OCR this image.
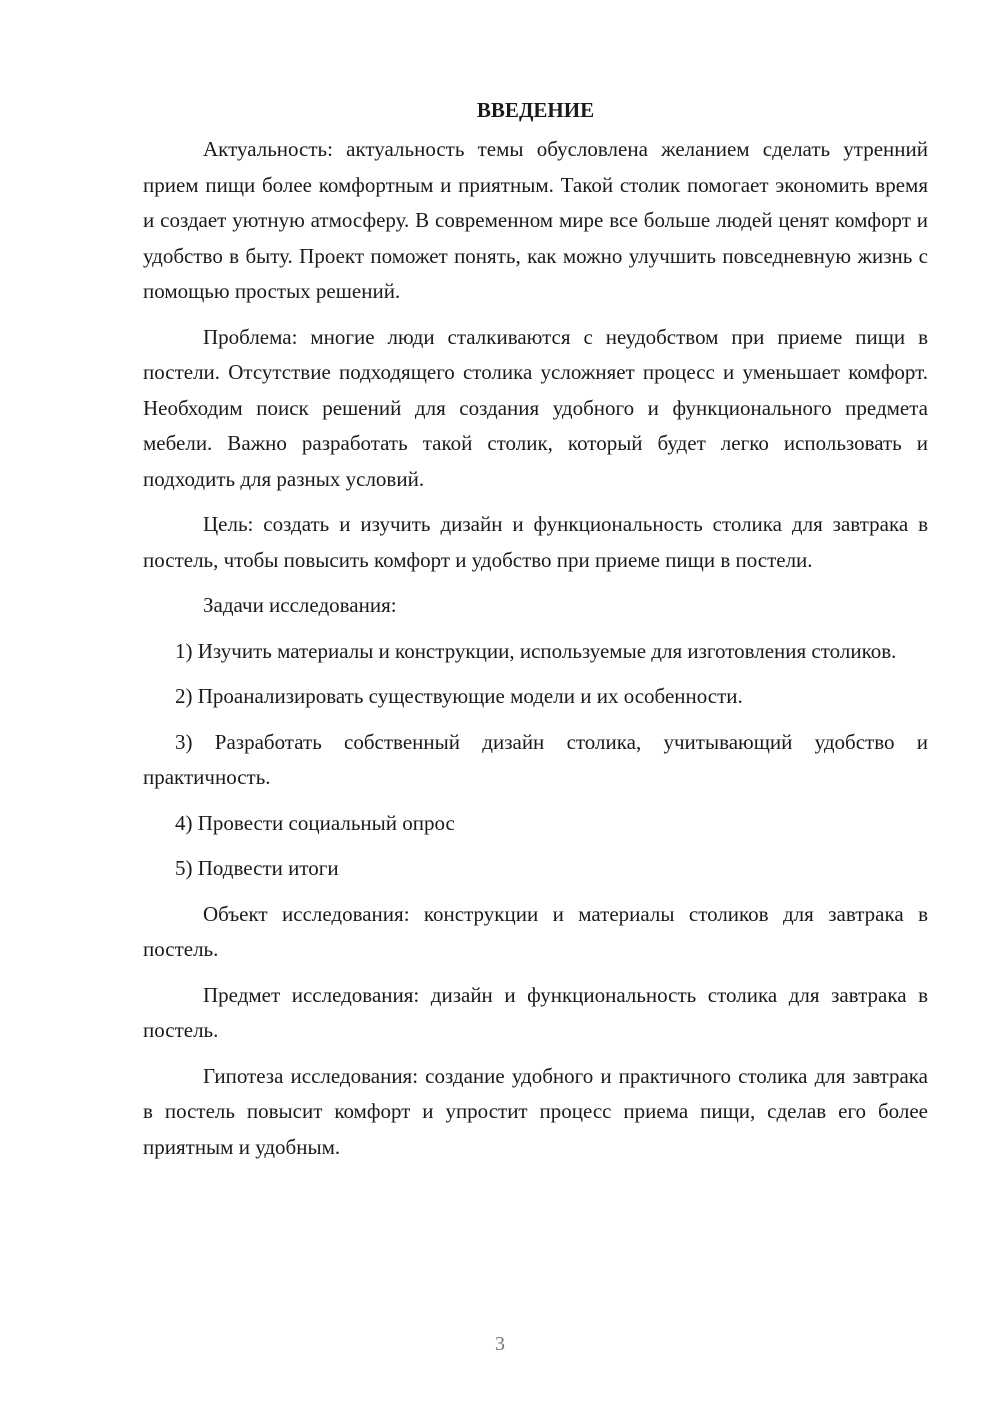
ВВЕДЕНИЕ

Актуальность: актуальность темы обусловлена желанием сделать утренний прием пищи более комфортным и приятным. Такой столик помогает экономить время и создает уютную атмосферу. В современном мире все больше людей ценят комфорт и удобство в быту. Проект поможет понять, как можно улучшить повседневную жизнь с помощью простых решений.

Проблема: многие люди сталкиваются с неудобством при приеме пищи в постели. Отсутствие подходящего столика усложняет процесс и уменьшает комфорт. Необходим поиск решений для создания удобного и функционального предмета мебели. Важно разработать такой столик, который будет легко использовать и подходить для разных условий.

Цель: создать и изучить дизайн и функциональность столика для завтрака в постель, чтобы повысить комфорт и удобство при приеме пищи в постели.

Задачи исследования:

1) Изучить материалы и конструкции, используемые для изготовления столиков.

2) Проанализировать существующие модели и их особенности.

3) Разработать собственный дизайн столика, учитывающий удобство и практичность.

4) Провести социальный опрос

5) Подвести итоги

Объект исследования: конструкции и материалы столиков для завтрака в постель.

Предмет исследования: дизайн и функциональность столика для завтрака в постель.

Гипотеза исследования: создание удобного и практичного столика для завтрака в постель повысит комфорт и упростит процесс приема пищи, сделав его более приятным и удобным.

3
